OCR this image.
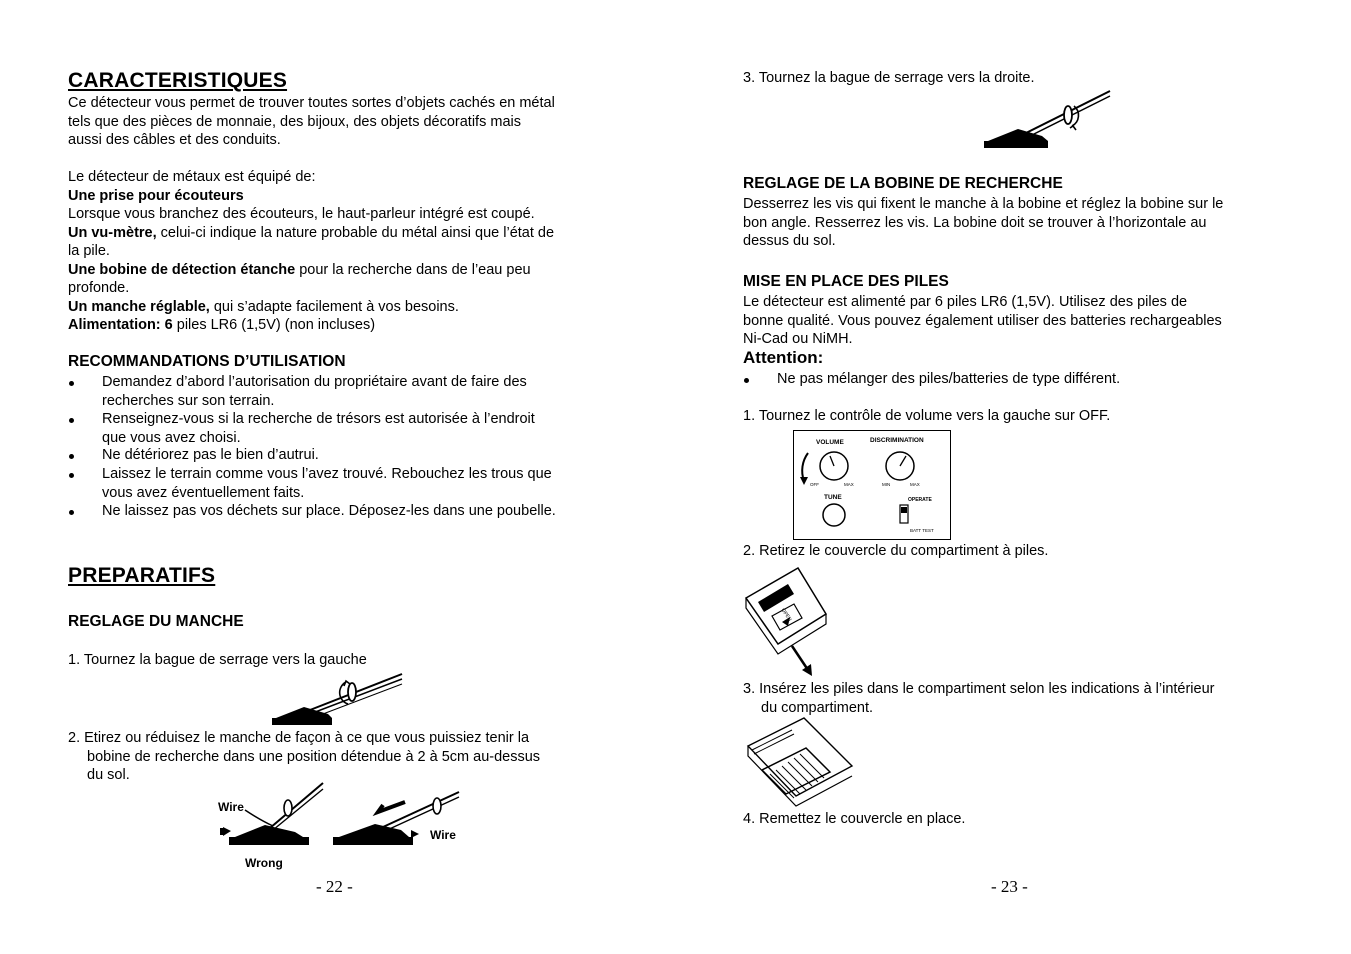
CARACTERISTIQUES
Ce détecteur vous permet de trouver toutes sortes d’objets cachés en métal
tels que des pièces de monnaie, des bijoux, des objets décoratifs mais
aussi des câbles et des conduits.
Le détecteur de métaux est équipé de:
Une prise pour écouteurs
Lorsque vous branchez des écouteurs, le haut-parleur intégré est coupé.
Un vu-mètre, celui-ci indique la nature probable du métal ainsi que l’état de
la pile.
Une bobine de détection étanche pour la recherche dans de l’eau peu
profonde.
Un manche réglable, qui s’adapte facilement à vos besoins.
Alimentation: 6 piles LR6 (1,5V) (non incluses)
RECOMMANDATIONS D’UTILISATION
Demandez d’abord l’autorisation du propriétaire avant de faire des
recherches sur son terrain.
Renseignez-vous si la recherche de trésors est autorisée à l’endroit
que vous avez choisi.
Ne détériorez pas le bien d’autrui.
Laissez le terrain comme vous l’avez trouvé. Rebouchez les trous que
vous avez éventuellement faits.
Ne laissez pas vos déchets sur place. Déposez-les dans une poubelle.
PREPARATIFS
REGLAGE DU MANCHE
1. Tournez la bague de serrage vers la gauche
2. Etirez ou réduisez le manche de façon à ce que vous puissiez tenir la
bobine de recherche dans une position détendue à 2 à 5cm au-dessus
du sol.
Wire
Wrong
Wire
- 22 -
3. Tournez la bague de serrage vers la droite.
REGLAGE DE LA BOBINE DE RECHERCHE
Desserrez les vis qui fixent le manche à la bobine et réglez la bobine sur le
bon angle. Resserrez les vis. La bobine doit se trouver à l’horizontale au
dessus du sol.
MISE EN PLACE DES PILES
Le détecteur est alimenté par 6 piles LR6 (1,5V). Utilisez des piles de
bonne qualité. Vous pouvez également utiliser des batteries rechargeables
Ni-Cad ou NiMH.
Attention:
Ne pas mélanger des piles/batteries de type différent.
1. Tournez le contrôle de volume vers la gauche sur OFF.
VOLUME	DISCRIMINATION
OFF	MAX	MIN	MAX
TUNE	OPERATE
BATT TEST
2. Retirez le couvercle du compartiment à piles.
OPEN
3. Insérez les piles dans le compartiment selon les indications à l’intérieur
du compartiment.
4. Remettez le couvercle en place.
- 23 -
